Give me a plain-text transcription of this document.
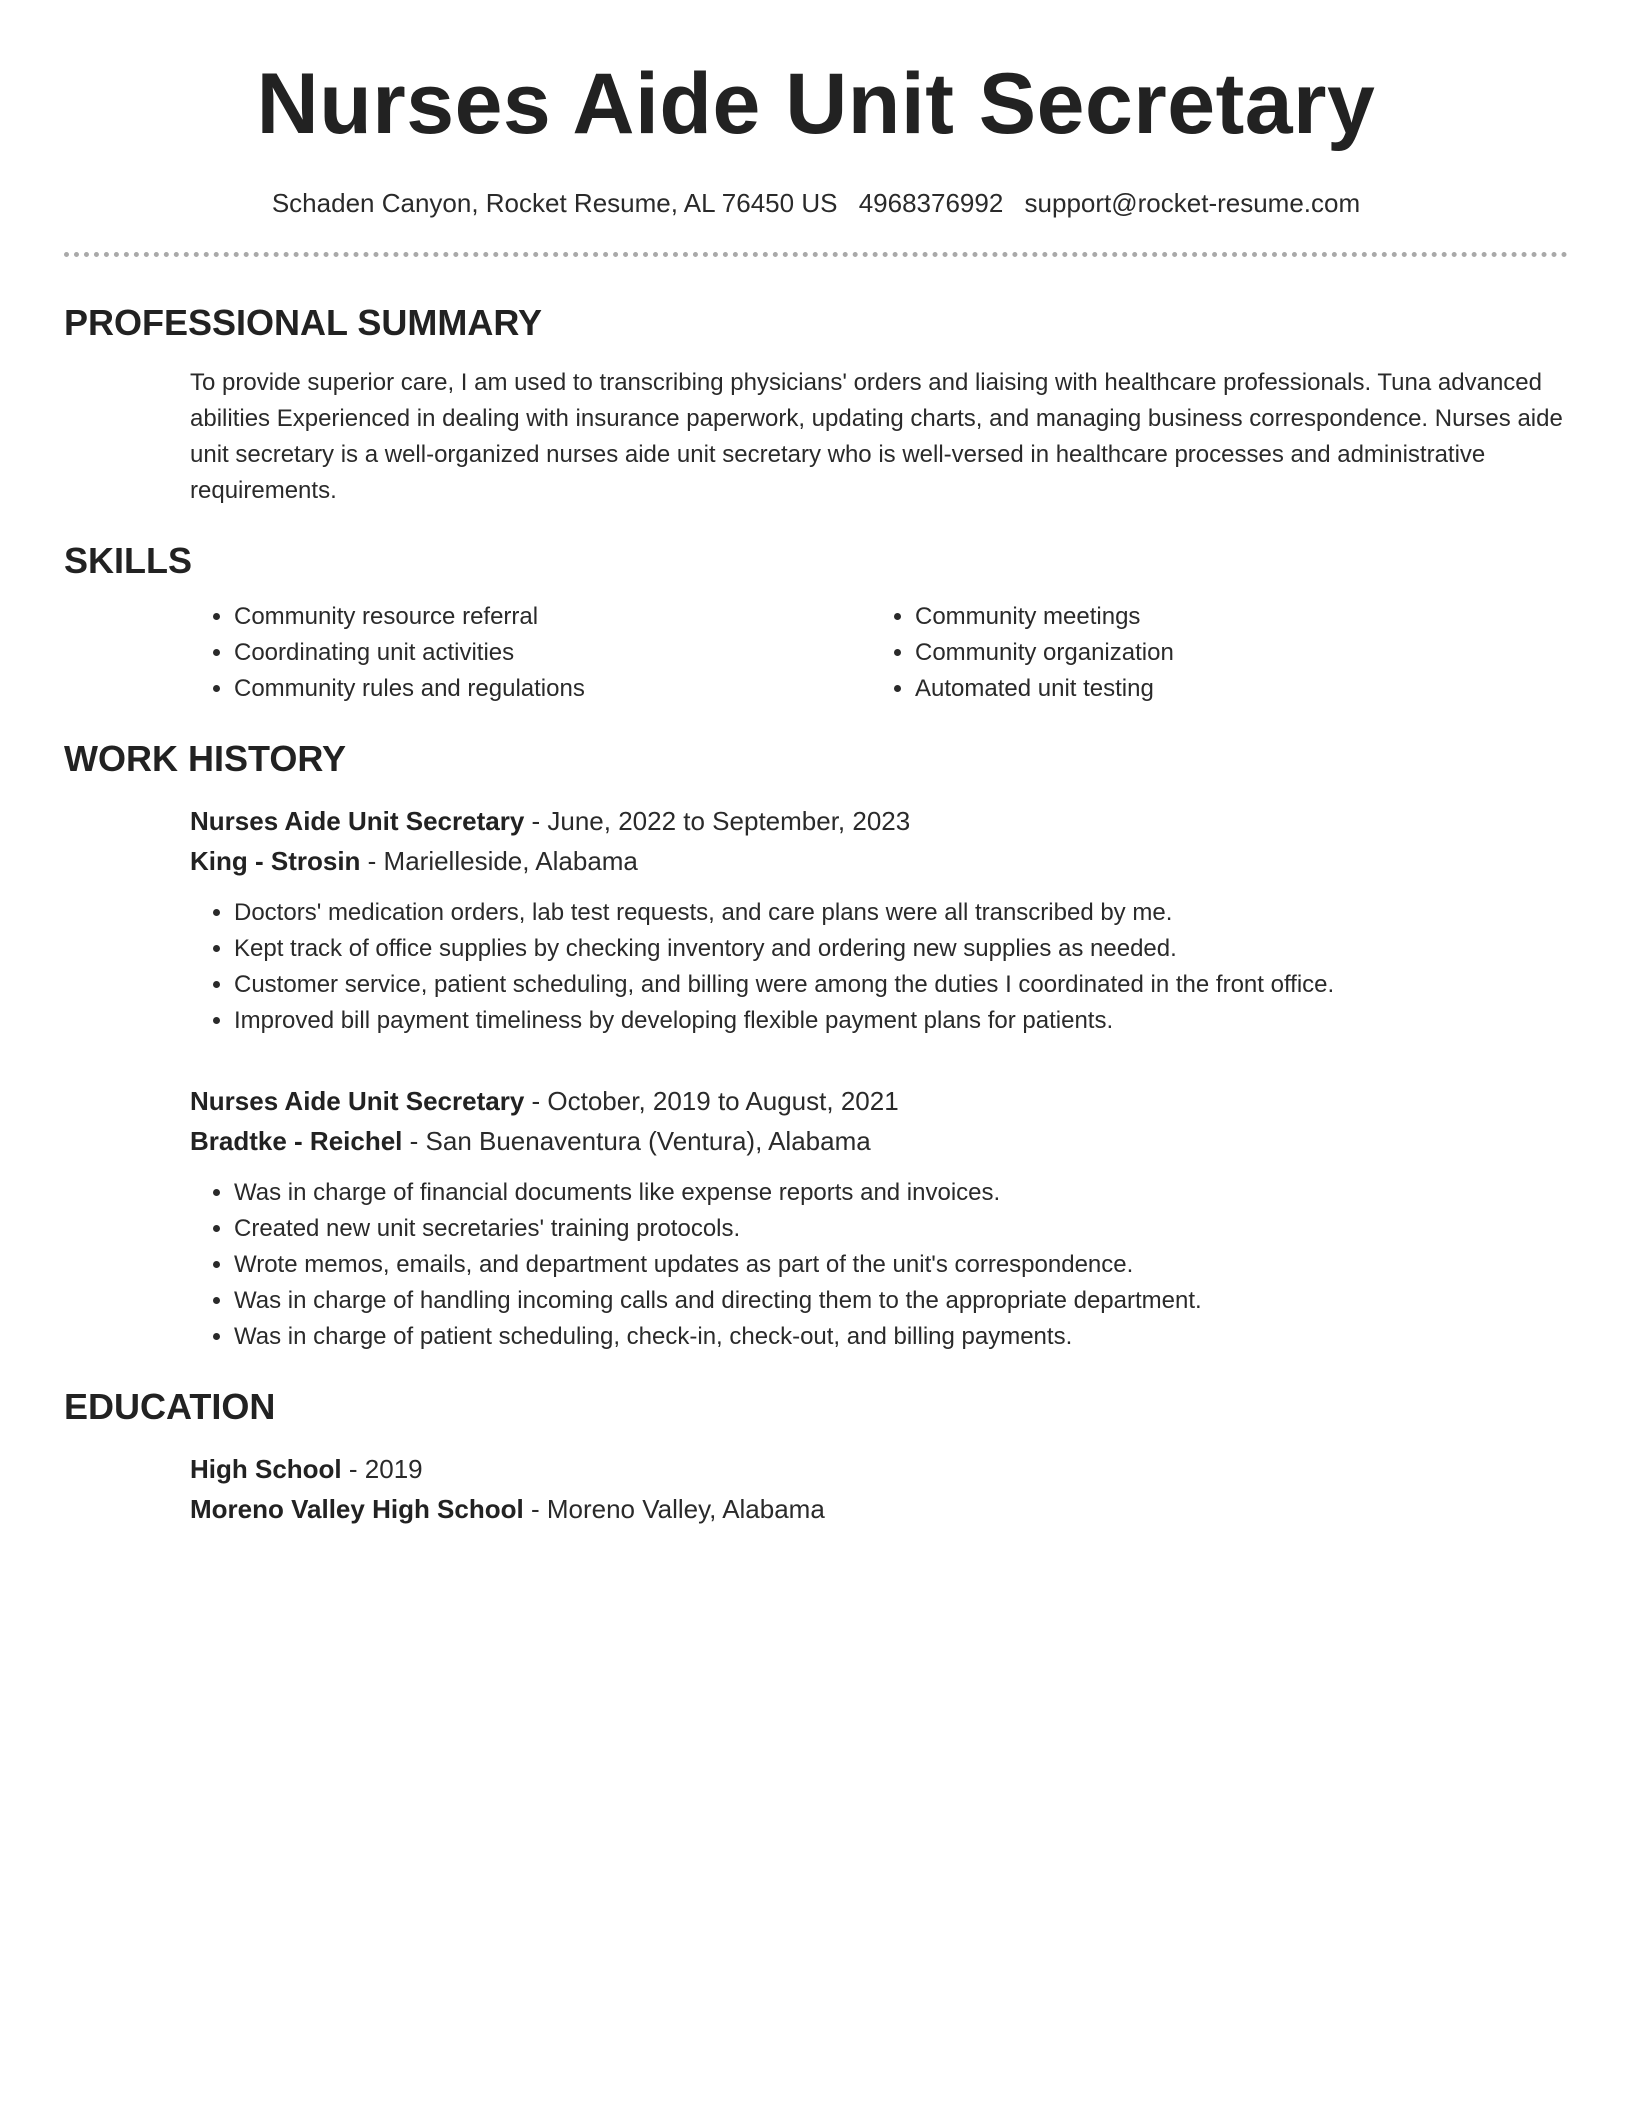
Nurses Aide Unit Secretary
Schaden Canyon, Rocket Resume, AL 76450 US 4968376992 support@rocket-resume.com
PROFESSIONAL SUMMARY

To provide superior care, I am used to transcribing physicians' orders and liaising with healthcare professionals. Tuna advanced abilities Experienced in dealing with insurance paperwork, updating charts, and managing business correspondence. Nurses aide unit secretary is a well-organized nurses aide unit secretary who is well-versed in healthcare processes and administrative requirements.

SKILLS
• Community resource referral
• Coordinating unit activities
• Community rules and regulations
• Community meetings
• Community organization
• Automated unit testing
WORK HISTORY
Nurses Aide Unit Secretary - June, 2022 to September, 2023
King - Strosin - Marielleside, Alabama
• Doctors' medication orders, lab test requests, and care plans were all transcribed by me.
• Kept track of office supplies by checking inventory and ordering new supplies as needed.
• Customer service, patient scheduling, and billing were among the duties I coordinated in the front office.
• Improved bill payment timeliness by developing flexible payment plans for patients.
Nurses Aide Unit Secretary - October, 2019 to August, 2021
Bradtke - Reichel - San Buenaventura (Ventura), Alabama
• Was in charge of financial documents like expense reports and invoices.
• Created new unit secretaries' training protocols.
• Wrote memos, emails, and department updates as part of the unit's correspondence.
• Was in charge of handling incoming calls and directing them to the appropriate department.
• Was in charge of patient scheduling, check-in, check-out, and billing payments.
EDUCATION
High School - 2019
Moreno Valley High School - Moreno Valley, Alabama
